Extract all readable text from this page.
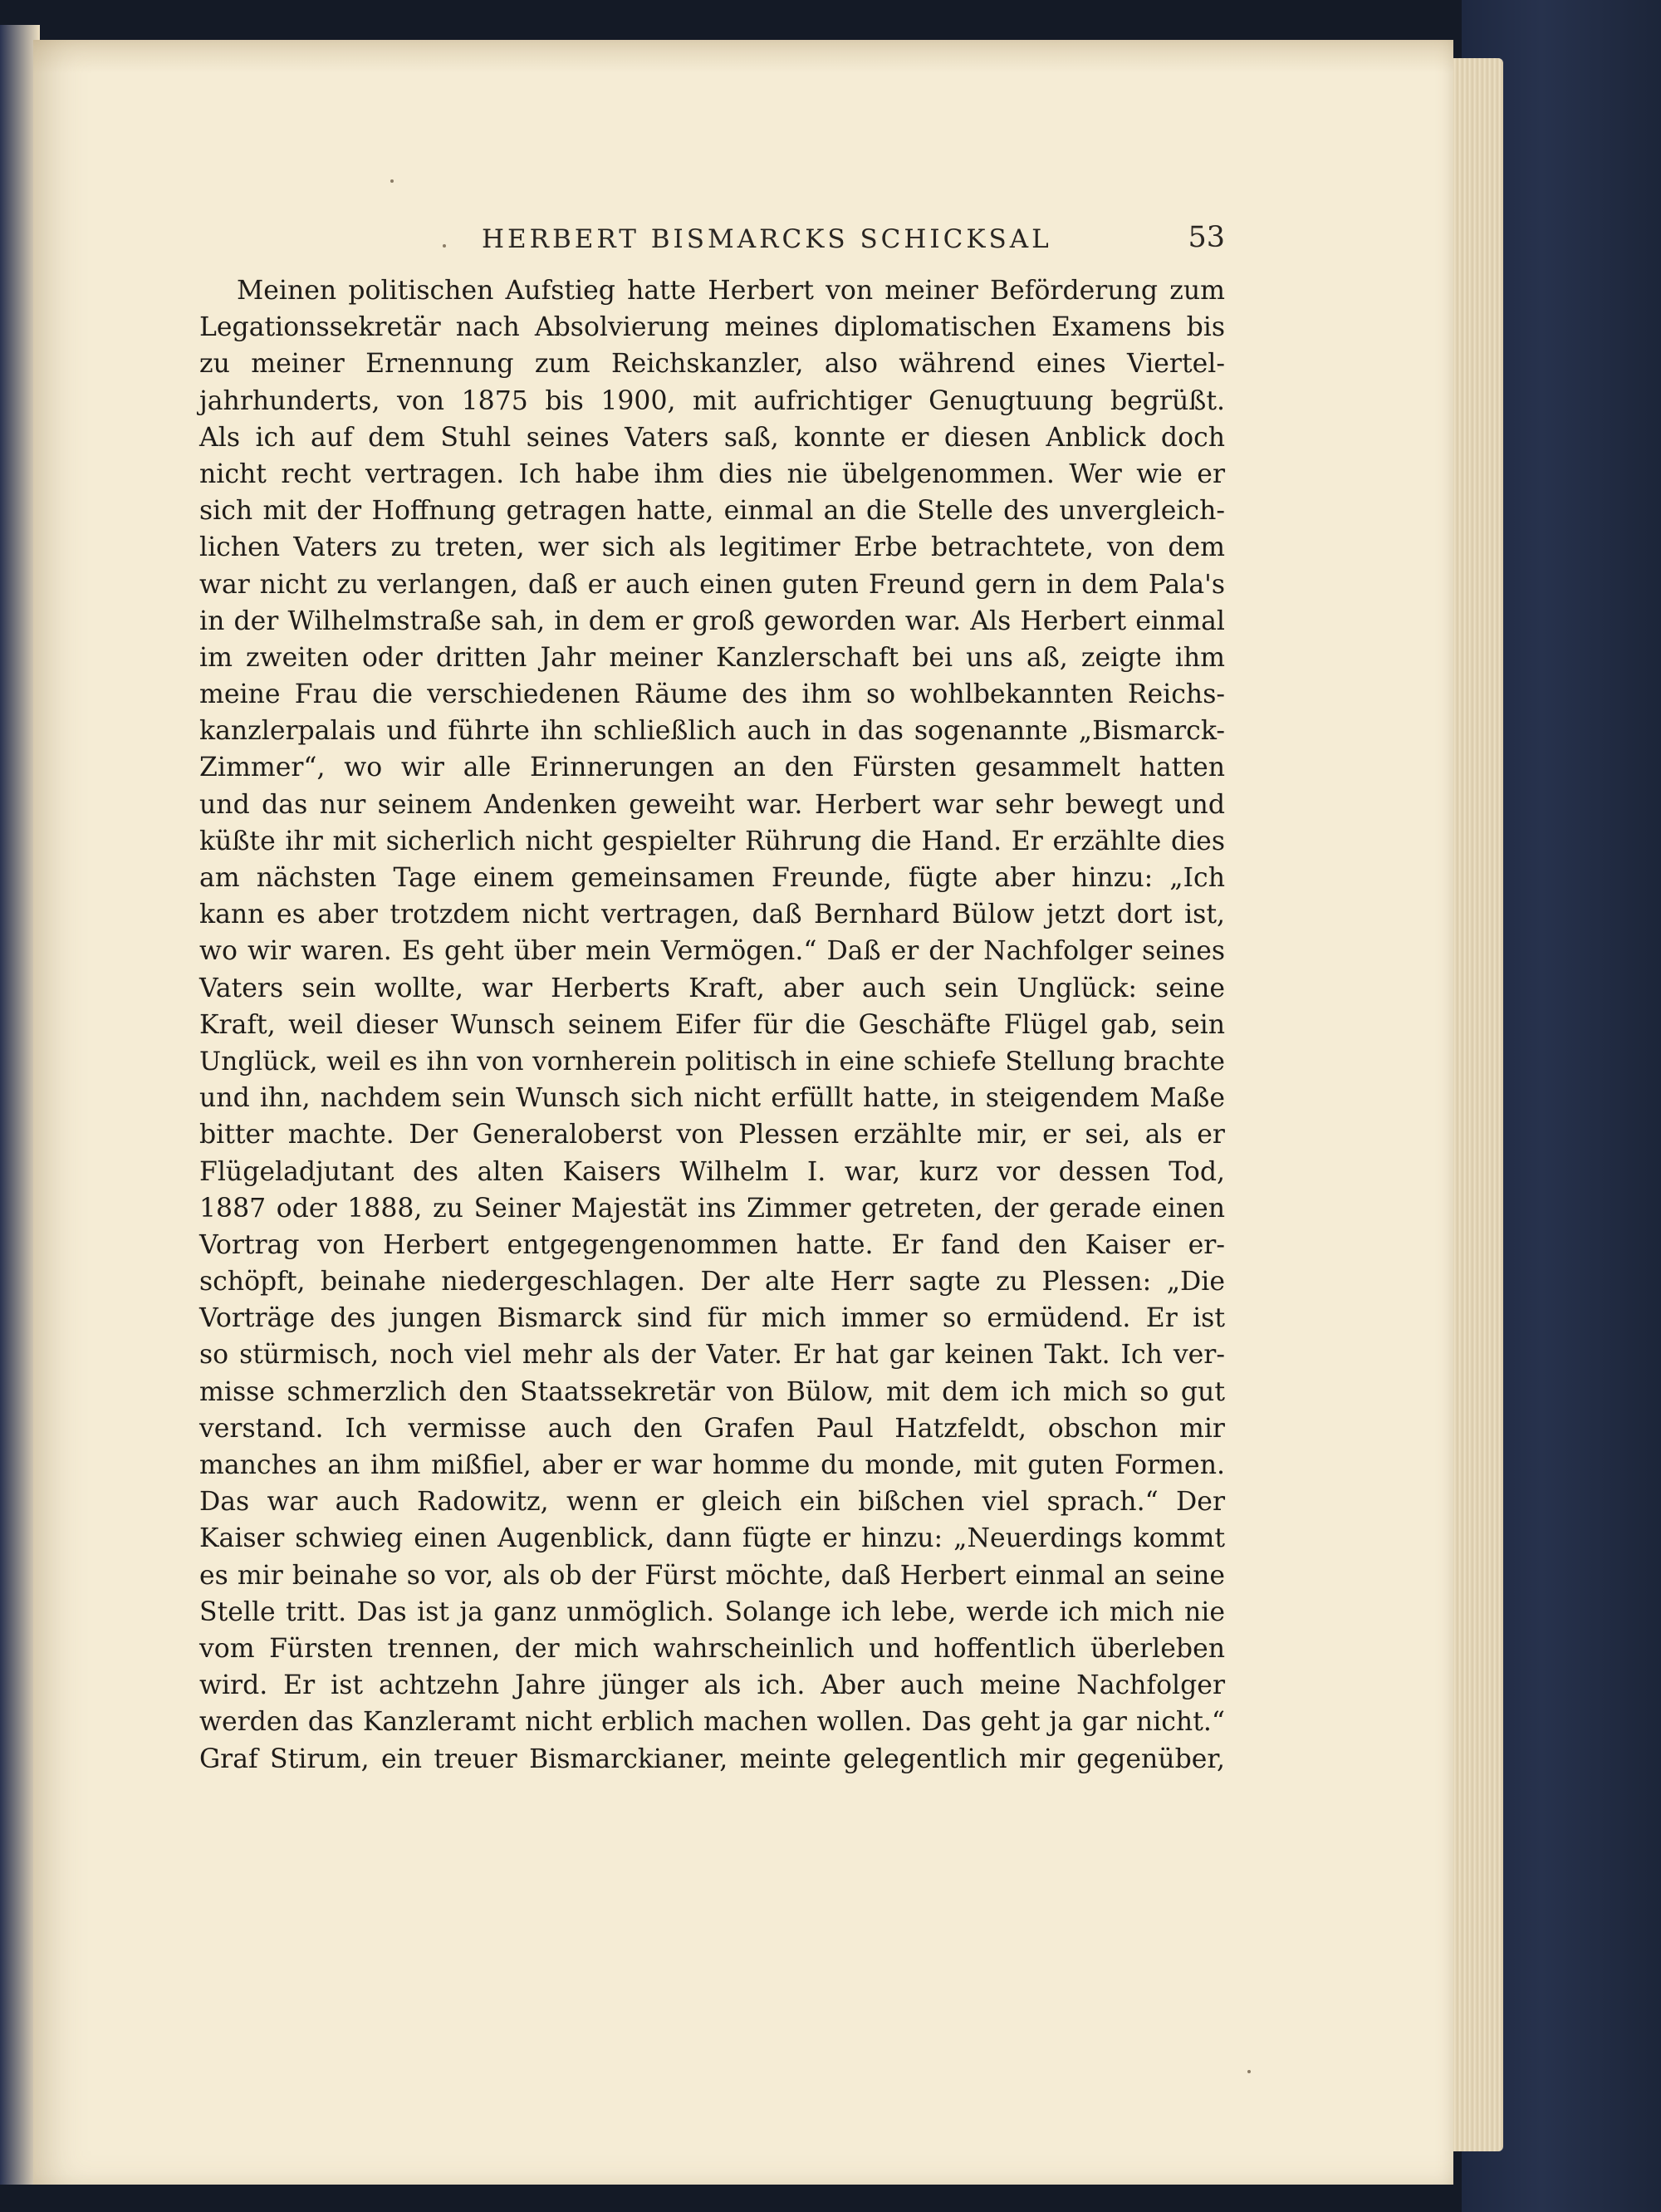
HERBERT BISMARCKS SCHICKSAL	53
Meinen politischen Aufstieg hatte Herbert von meiner Beförderung zum
Legationssekretär nach Absolvierung meines diplomatischen Examens bis
zu meiner Ernennung zum Reichskanzler, also während eines Viertel-
jahrhunderts, von 1875 bis 1900, mit aufrichtiger Genugtuung begrüßt.
Als ich auf dem Stuhl seines Vaters saß, konnte er diesen Anblick doch
nicht recht vertragen. Ich habe ihm dies nie übelgenommen. Wer wie er
sich mit der Hoffnung getragen hatte, einmal an die Stelle des unvergleich-
lichen Vaters zu treten, wer sich als legitimer Erbe betrachtete, von dem
war nicht zu verlangen, daß er auch einen guten Freund gern in dem Pala's
in der Wilhelmstraße sah, in dem er groß geworden war. Als Herbert einmal
im zweiten oder dritten Jahr meiner Kanzlerschaft bei uns aß, zeigte ihm
meine Frau die verschiedenen Räume des ihm so wohlbekannten Reichs-
kanzlerpalais und führte ihn schließlich auch in das sogenannte „Bismarck-
Zimmer“, wo wir alle Erinnerungen an den Fürsten gesammelt hatten
und das nur seinem Andenken geweiht war. Herbert war sehr bewegt und
küßte ihr mit sicherlich nicht gespielter Rührung die Hand. Er erzählte dies
am nächsten Tage einem gemeinsamen Freunde, fügte aber hinzu: „Ich
kann es aber trotzdem nicht vertragen, daß Bernhard Bülow jetzt dort ist,
wo wir waren. Es geht über mein Vermögen.“ Daß er der Nachfolger seines
Vaters sein wollte, war Herberts Kraft, aber auch sein Unglück: seine
Kraft, weil dieser Wunsch seinem Eifer für die Geschäfte Flügel gab, sein
Unglück, weil es ihn von vornherein politisch in eine schiefe Stellung brachte
und ihn, nachdem sein Wunsch sich nicht erfüllt hatte, in steigendem Maße
bitter machte. Der Generaloberst von Plessen erzählte mir, er sei, als er
Flügeladjutant des alten Kaisers Wilhelm I. war, kurz vor dessen Tod,
1887 oder 1888, zu Seiner Majestät ins Zimmer getreten, der gerade einen
Vortrag von Herbert entgegengenommen hatte. Er fand den Kaiser er-
schöpft, beinahe niedergeschlagen. Der alte Herr sagte zu Plessen: „Die
Vorträge des jungen Bismarck sind für mich immer so ermüdend. Er ist
so stürmisch, noch viel mehr als der Vater. Er hat gar keinen Takt. Ich ver-
misse schmerzlich den Staatssekretär von Bülow, mit dem ich mich so gut
verstand. Ich vermisse auch den Grafen Paul Hatzfeldt, obschon mir
manches an ihm mißfiel, aber er war homme du monde, mit guten Formen.
Das war auch Radowitz, wenn er gleich ein bißchen viel sprach.“ Der
Kaiser schwieg einen Augenblick, dann fügte er hinzu: „Neuerdings kommt
es mir beinahe so vor, als ob der Fürst möchte, daß Herbert einmal an seine
Stelle tritt. Das ist ja ganz unmöglich. Solange ich lebe, werde ich mich nie
vom Fürsten trennen, der mich wahrscheinlich und hoffentlich überleben
wird. Er ist achtzehn Jahre jünger als ich. Aber auch meine Nachfolger
werden das Kanzleramt nicht erblich machen wollen. Das geht ja gar nicht.“
Graf Stirum, ein treuer Bismarckianer, meinte gelegentlich mir gegenüber,
